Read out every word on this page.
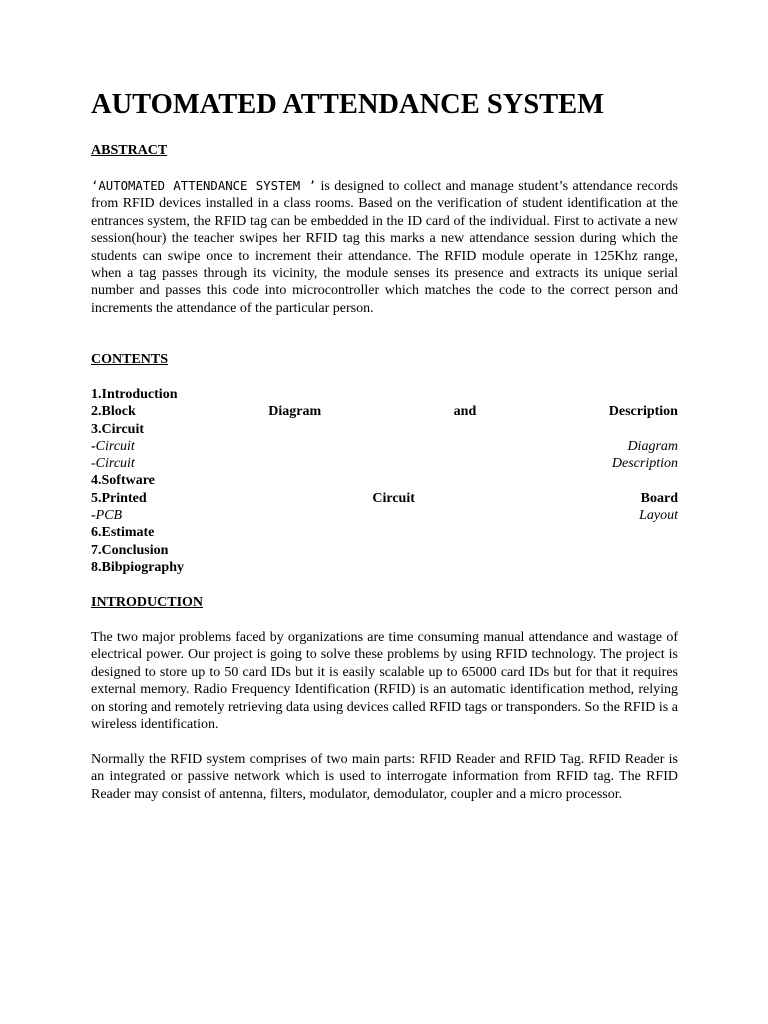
AUTOMATED ATTENDANCE SYSTEM
ABSTRACT

‘AUTOMATED ATTENDANCE SYSTEM ’ is designed to collect and manage student’s attendance records from RFID devices installed in a class rooms. Based on the verification of student identification at the entrances system, the RFID tag can be embedded in the ID card of the individual. First to activate a new session(hour) the teacher swipes her RFID tag this marks a new attendance session during which the students can swipe once to increment their attendance. The RFID module operate in 125Khz range, when a tag passes through its vicinity, the module senses its presence and extracts its unique serial number and passes this code into microcontroller which matches the code to the correct person and increments the attendance of the particular person.

CONTENTS
1.Introduction
2.Block	Diagram	and	Description
3.Circuit
-Circuit	Diagram
-Circuit	Description
4.Software
5.Printed	Circuit	Board
-PCB	Layout
6.Estimate
7.Conclusion
8.Bibpiography
INTRODUCTION

The two major problems faced by organizations are time consuming manual attendance and wastage of electrical power. Our project is going to solve these problems by using RFID technology. The project is designed to store up to 50 card IDs but it is easily scalable up to 65000 card IDs but for that it requires external memory. Radio Frequency Identification (RFID) is an automatic identification method, relying on storing and remotely retrieving data using devices called RFID tags or transponders. So the RFID is a wireless identification.

Normally the RFID system comprises of two main parts: RFID Reader and RFID Tag. RFID Reader is an integrated or passive network which is used to interrogate information from RFID tag. The RFID Reader may consist of antenna, filters, modulator, demodulator, coupler and a micro processor.
